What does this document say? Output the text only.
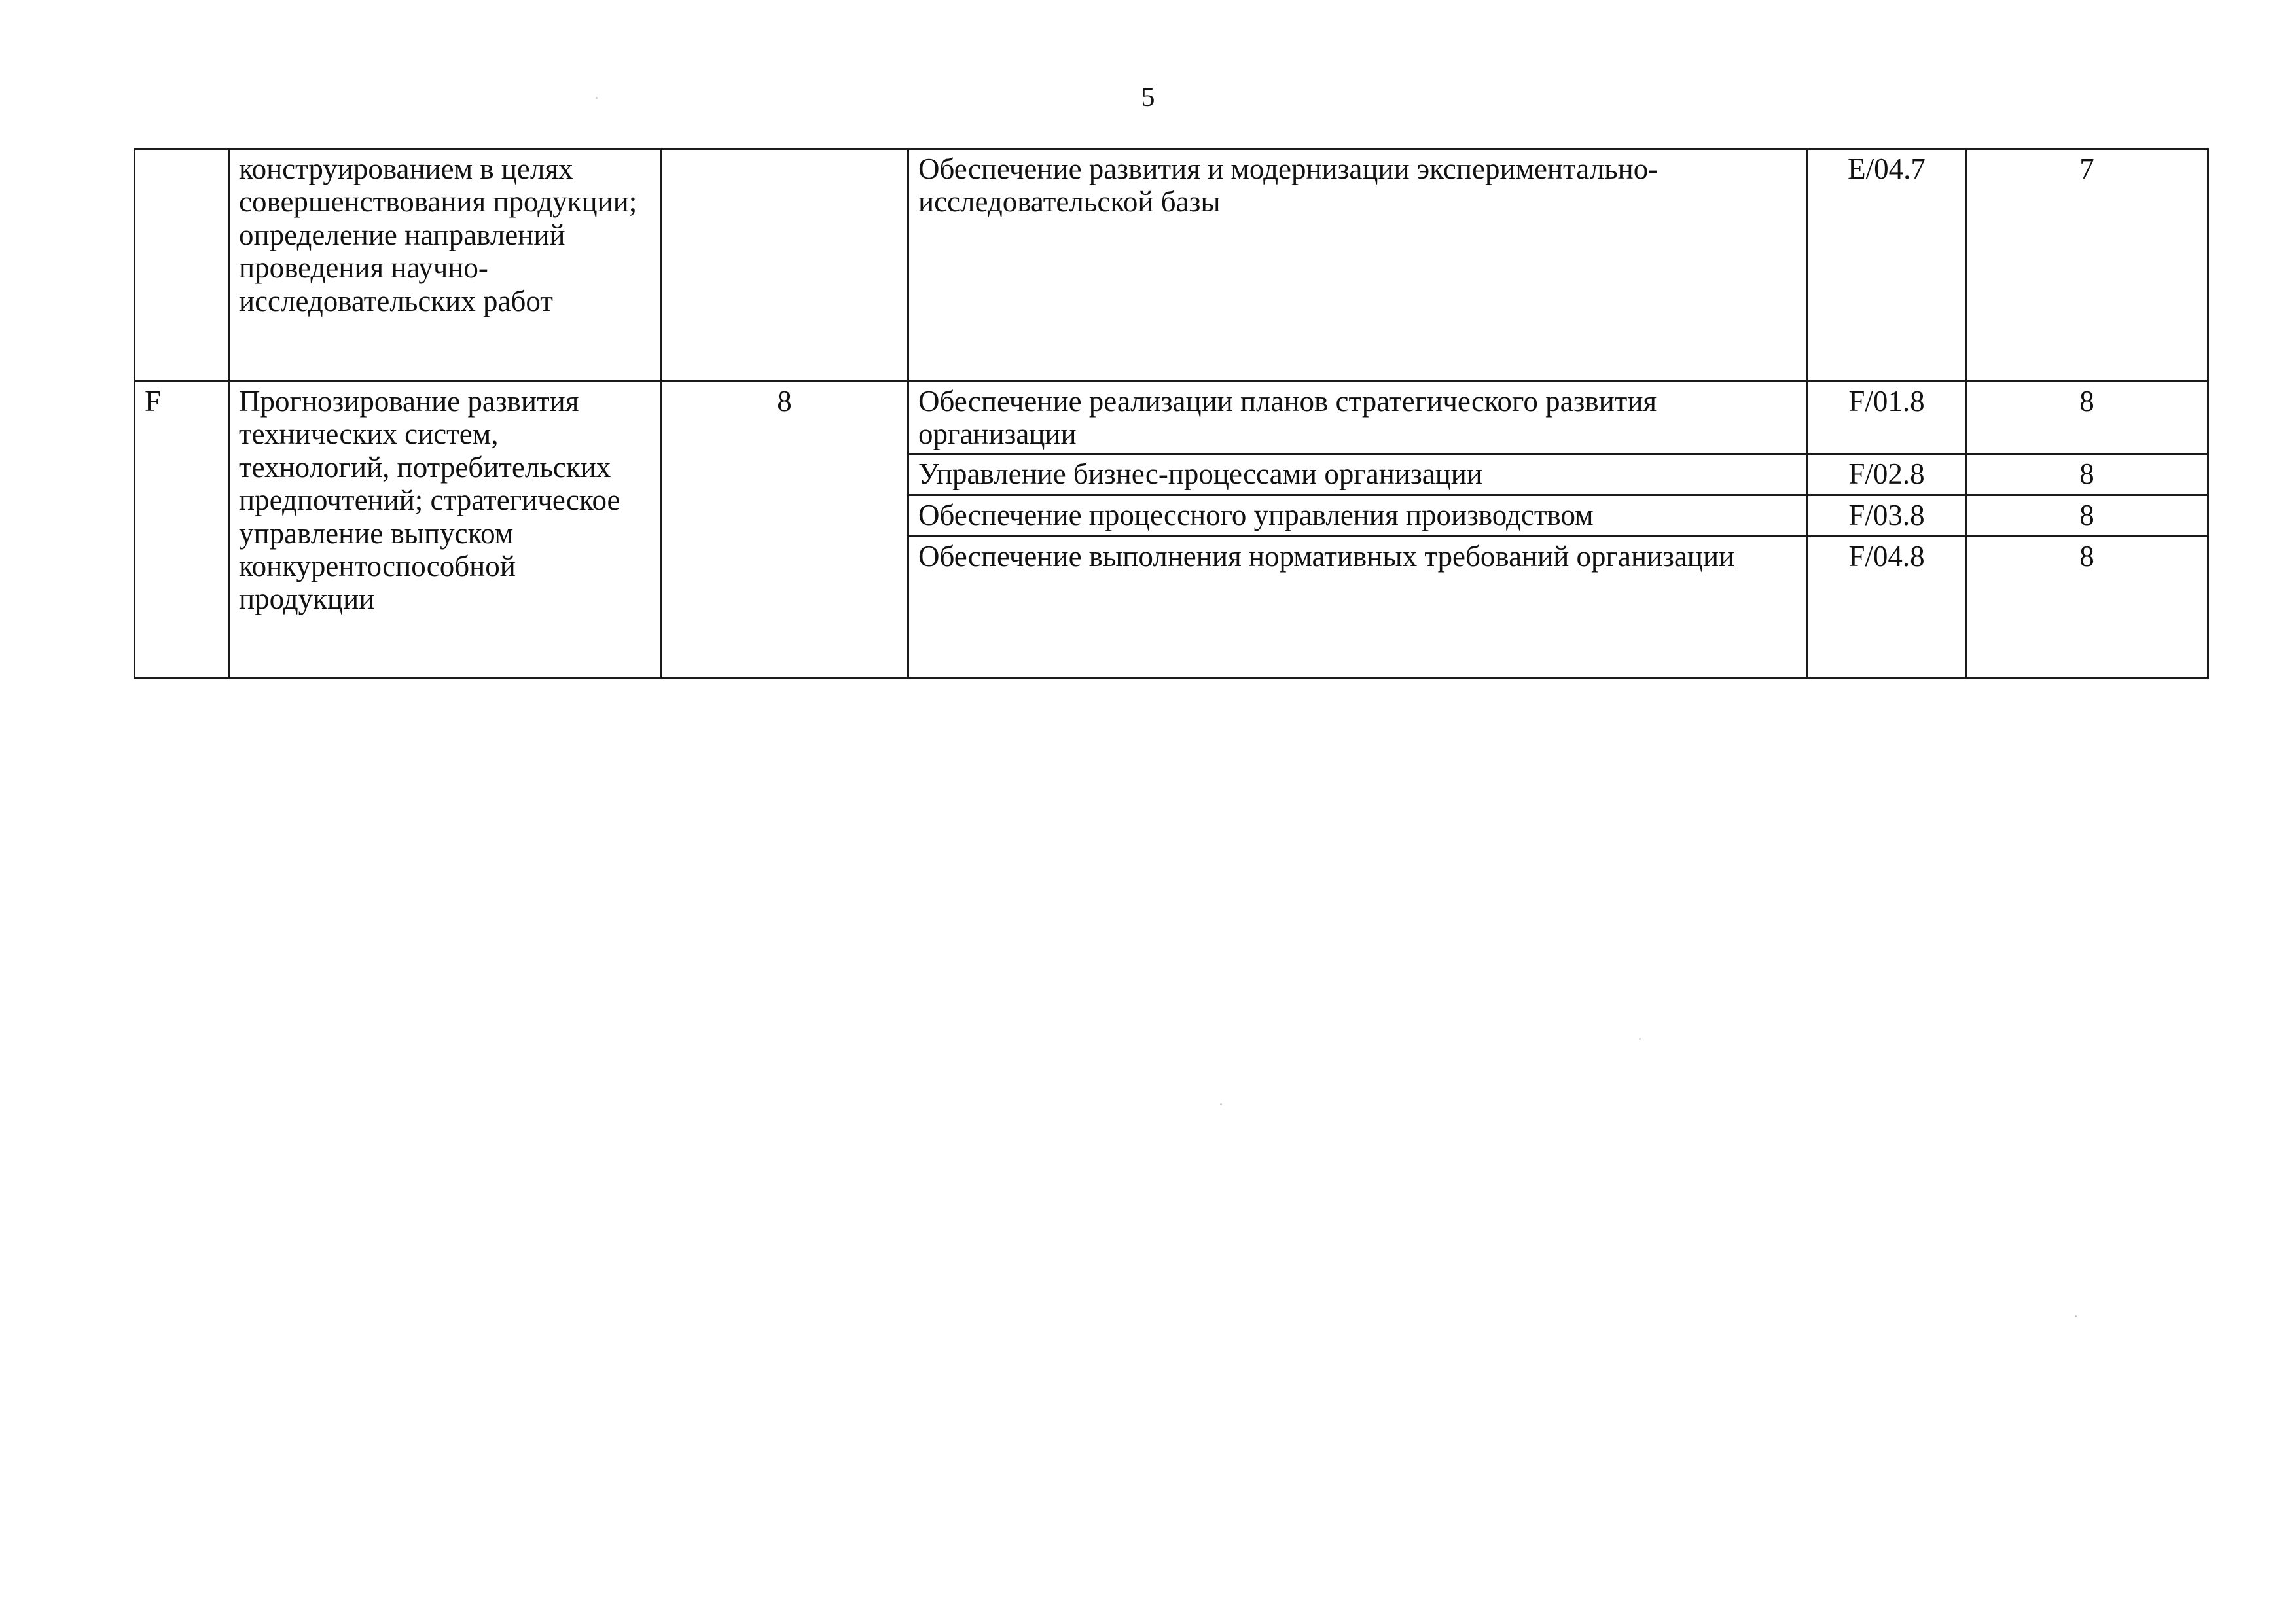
5
	конструированием в целях совершенствования продукции; определение направлений проведения научно-исследовательских работ		Обеспечение развития и модернизации экспериментально-исследовательской базы	E/04.7	7
F	Прогнозирование развития технических систем, технологий, потребительских предпочтений; стратегическое управление выпуском конкурентоспособной продукции	8	Обеспечение реализации планов стратегического развития организации	F/01.8	8
			Управление бизнес-процессами организации	F/02.8	8
			Обеспечение процессного управления производством	F/03.8	8
			Обеспечение выполнения нормативных требований организации	F/04.8	8
